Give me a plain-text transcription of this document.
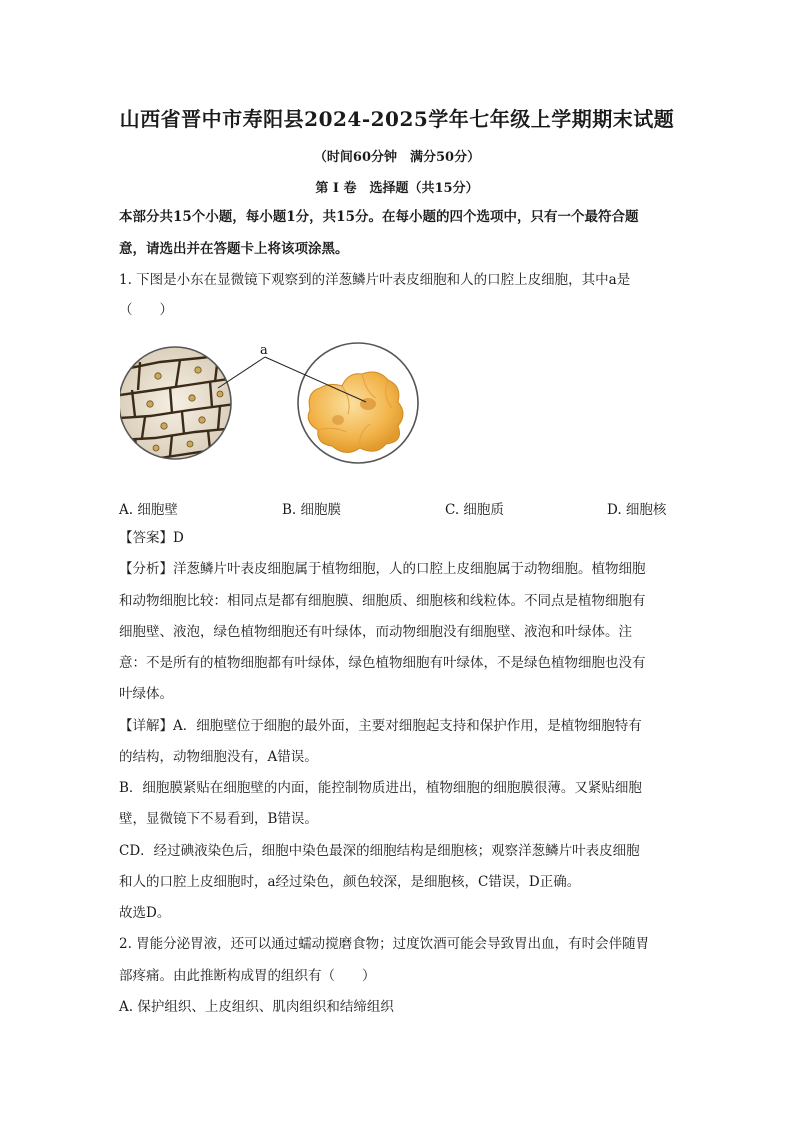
山西省晋中市寿阳县2024-2025学年七年级上学期期末试题
（时间60分钟　满分50分）
第 I 卷　选择题（共15分）
本部分共15个小题，每小题1分，共15分。在每小题的四个选项中，只有一个最符合题
意，请选出并在答题卡上将该项涂黑。
1. 下图是小东在显微镜下观察到的洋葱鳞片叶表皮细胞和人的口腔上皮细胞，其中a是
（　　）
a
A. 细胞壁	B. 细胞膜	C. 细胞质	D. 细胞核
【答案】D
【分析】洋葱鳞片叶表皮细胞属于植物细胞，人的口腔上皮细胞属于动物细胞。植物细胞
和动物细胞比较：相同点是都有细胞膜、细胞质、细胞核和线粒体。不同点是植物细胞有
细胞壁、液泡，绿色植物细胞还有叶绿体，而动物细胞没有细胞壁、液泡和叶绿体。注
意：不是所有的植物细胞都有叶绿体，绿色植物细胞有叶绿体，不是绿色植物细胞也没有
叶绿体。
【详解】A．细胞壁位于细胞的最外面，主要对细胞起支持和保护作用，是植物细胞特有
的结构，动物细胞没有，A错误。
B．细胞膜紧贴在细胞壁的内面，能控制物质进出，植物细胞的细胞膜很薄。又紧贴细胞
壁，显微镜下不易看到，B错误。
CD．经过碘液染色后，细胞中染色最深的细胞结构是细胞核；观察洋葱鳞片叶表皮细胞
和人的口腔上皮细胞时，a经过染色，颜色较深，是细胞核，C错误，D正确。
故选D。
2. 胃能分泌胃液，还可以通过蠕动搅磨食物；过度饮酒可能会导致胃出血，有时会伴随胃
部疼痛。由此推断构成胃的组织有（　　）
A. 保护组织、上皮组织、肌肉组织和结缔组织
